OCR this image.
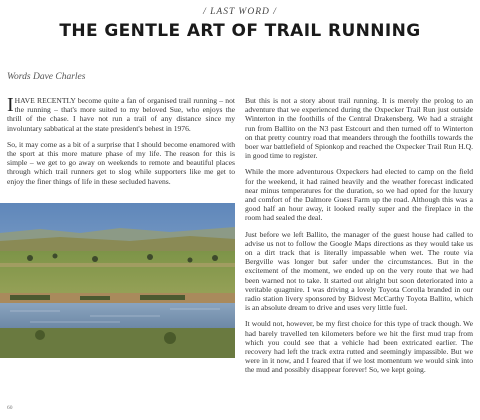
/ LAST WORD /
THE GENTLE ART OF TRAIL RUNNING
Words Dave Charles

IHAVE RECENTLY become quite a fan of organised trail running – not the running – that's more suited to my beloved Sue, who enjoys the thrill of the chase. I have not run a trail of any distance since my involuntary sabbatical at the state president's behest in 1976.

So, it may come as a bit of a surprise that I should become enamored with the sport at this more mature phase of my life. The reason for this is simple – we get to go away on weekends to remote and beautiful places through which trail runners get to slog while supporters like me get to enjoy the finer things of life in these secluded havens.

But this is not a story about trail running. It is merely the prolog to an adventure that we experienced during the Oxpecker Trail Run just outside Winterton in the foothills of the Central Drakensberg. We had a straight run from Ballito on the N3 past Estcourt and then turned off to Winterton on that pretty country road that meanders through the foothills towards the boer war battlefield of Spionkop and reached the Oxpecker Trail Run H.Q. in good time to register.

While the more adventurous Oxpeckers had elected to camp on the field for the weekend, it had rained heavily and the weather forecast indicated near minus temperatures for the duration, so we had opted for the luxury and comfort of the Dalmore Guest Farm up the road. Although this was a good half an hour away, it looked really super and the fireplace in the room had sealed the deal.

Just before we left Ballito, the manager of the guest house had called to advise us not to follow the Google Maps directions as they would take us on a dirt track that is literally impassable when wet. The route via Bergville was longer but safer under the circumstances. But in the excitement of the moment, we ended up on the very route that we had been warned not to take. It started out alright but soon deteriorated into a veritable quagmire. I was driving a lovely Toyota Corolla branded in our radio station livery sponsored by Bidvest McCarthy Toyota Ballito, which is an absolute dream to drive and uses very little fuel.

It would not, however, be my first choice for this type of track though. We had barely travelled ten kilometers before we hit the first mud trap from which you could see that a vehicle had been extricated earlier. The recovery had left the track extra rutted and seemingly impassible. But we were in it now, and I feared that if we lost momentum we would sink into the mud and possibly disappear forever! So, we kept going.

60
